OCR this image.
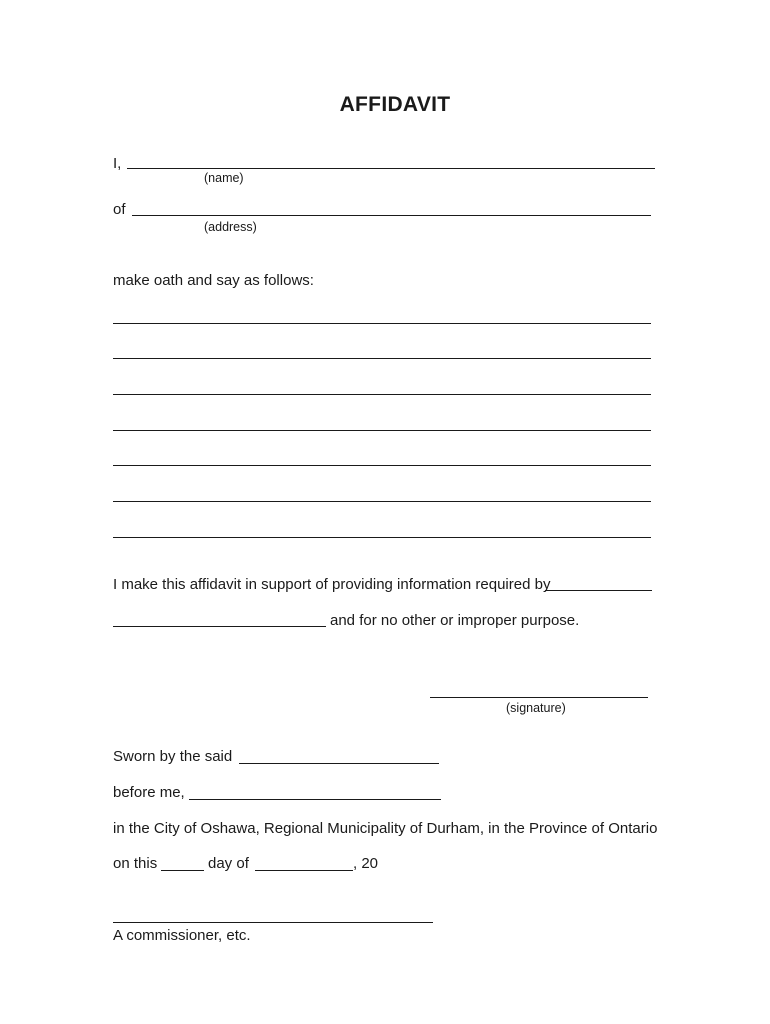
AFFIDAVIT
I,
(name)
of
(address)
make oath and say as follows:
I make this affidavit in support of providing information required by
and for no other or improper purpose.
(signature)
Sworn by the said
before me,
in the City of Oshawa, Regional Municipality of Durham, in the Province of Ontario
on this	day of	, 20
A commissioner, etc.
